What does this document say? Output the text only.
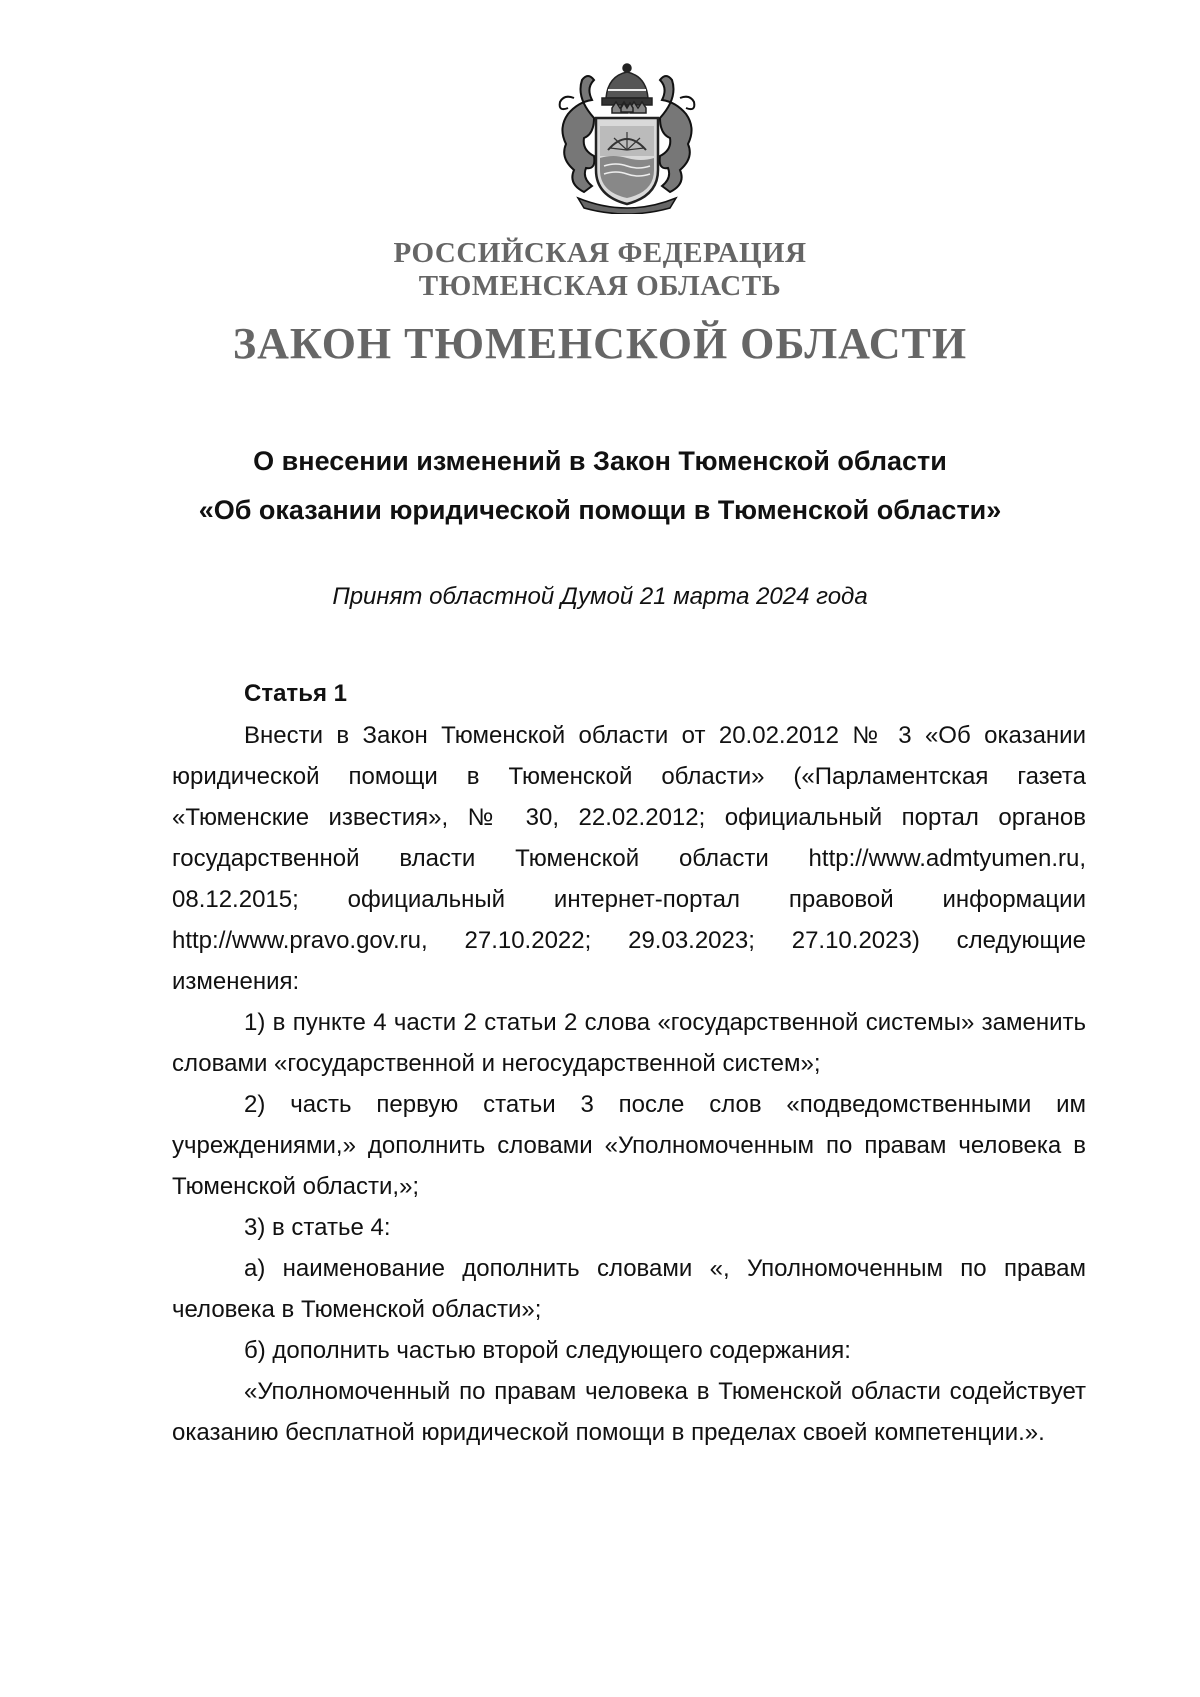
РОССИЙСКАЯ ФЕДЕРАЦИЯ
ТЮМЕНСКАЯ ОБЛАСТЬ
ЗАКОН ТЮМЕНСКОЙ ОБЛАСТИ
О внесении изменений в Закон Тюменской области
«Об оказании юридической помощи в Тюменской области»
Принят областной Думой 21 марта 2024 года

Статья 1

Внести в Закон Тюменской области от 20.02.2012 № 3 «Об оказании юридической помощи в Тюменской области» («Парламентская газета «Тюменские известия», № 30, 22.02.2012; официальный портал органов государственной власти Тюменской области http://www.admtyumen.ru, 08.12.2015; официальный интернет-портал правовой информации http://www.pravo.gov.ru, 27.10.2022; 29.03.2023; 27.10.2023) следующие изменения:

1) в пункте 4 части 2 статьи 2 слова «государственной системы» заменить словами «государственной и негосударственной систем»;

2) часть первую статьи 3 после слов «подведомственными им учреждениями,» дополнить словами «Уполномоченным по правам человека в Тюменской области,»;

3) в статье 4:

а) наименование дополнить словами «, Уполномоченным по правам человека в Тюменской области»;

б) дополнить частью второй следующего содержания:

«Уполномоченный по правам человека в Тюменской области содействует оказанию бесплатной юридической помощи в пределах своей компетенции.».
